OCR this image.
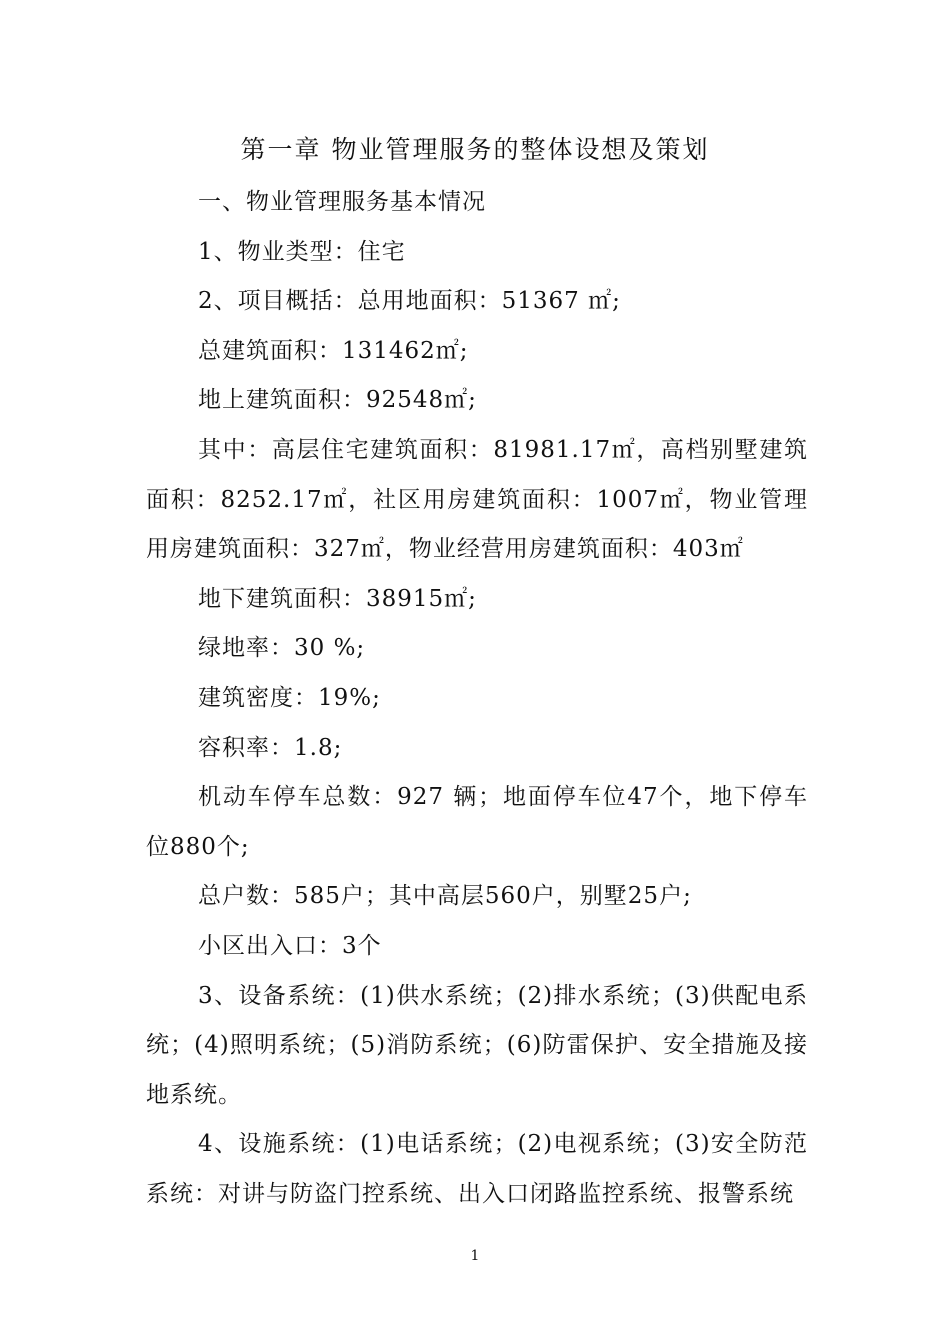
第一章 物业管理服务的整体设想及策划

一、物业管理服务基本情况

1、物业类型：住宅

2、项目概括：总用地面积：51367 ㎡;

总建筑面积：131462㎡;

地上建筑面积：92548㎡;

其中：高层住宅建筑面积：81981.17㎡，高档别墅建筑面积：8252.17㎡，社区用房建筑面积：1007㎡，物业管理用房建筑面积：327㎡，物业经营用房建筑面积：403㎡

地下建筑面积：38915㎡;

绿地率：30 %;

建筑密度：19%;

容积率：1.8;

机动车停车总数：927 辆；地面停车位47个，地下停车位880个;

总户数：585户；其中高层560户，别墅25户;

小区出入口：3个

3、设备系统：(1)供水系统；(2)排水系统；(3)供配电系统；(4)照明系统；(5)消防系统；(6)防雷保护、安全措施及接地系统。

4、设施系统：(1)电话系统；(2)电视系统；(3)安全防范系统：对讲与防盗门控系统、出入口闭路监控系统、报警系统

1
